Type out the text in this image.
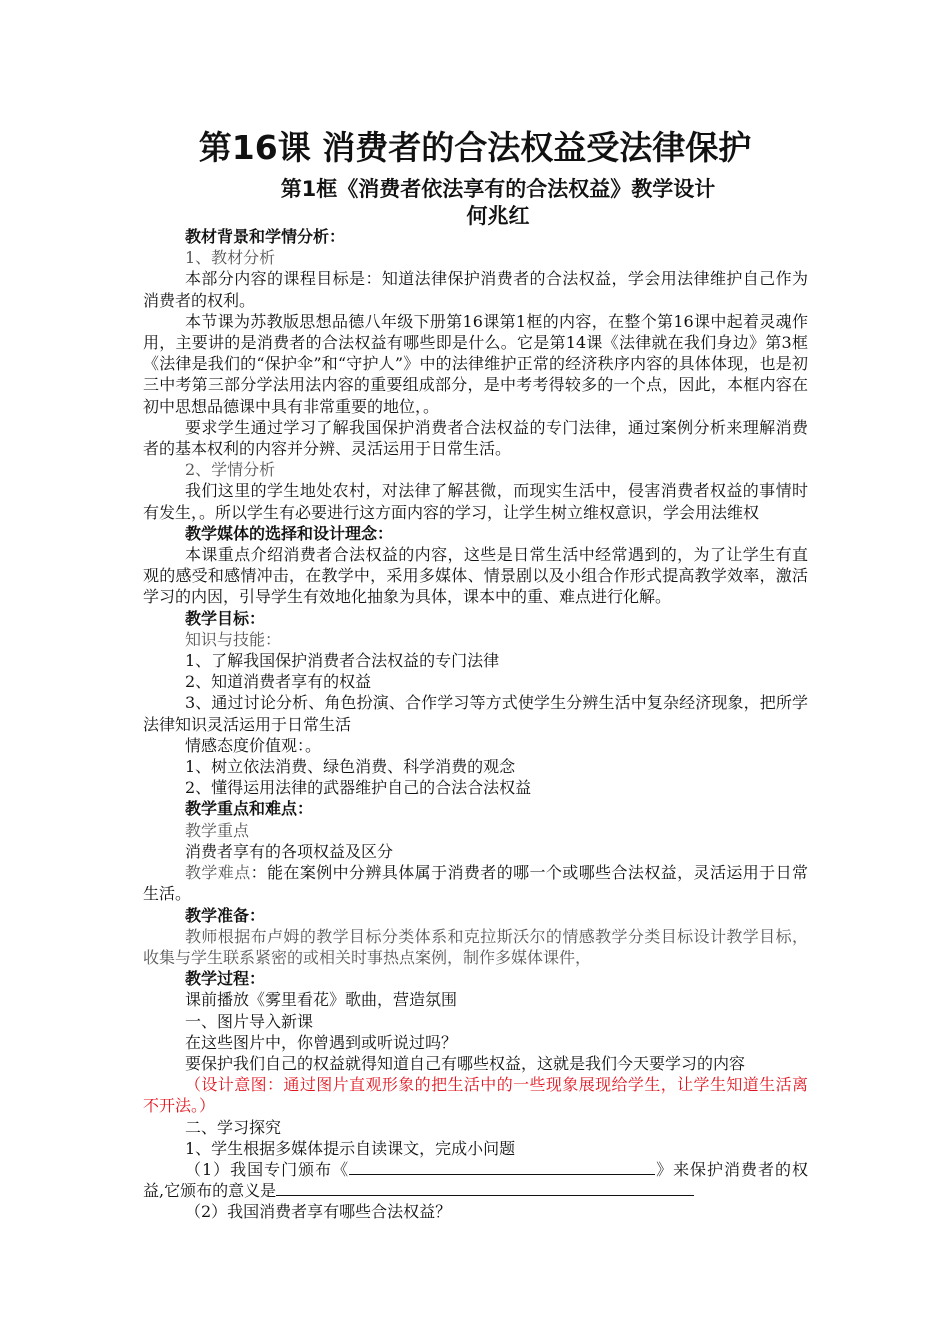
第16课 消费者的合法权益受法律保护
第1框《消费者依法享有的合法权益》教学设计
何兆红

教材背景和学情分析：

1、教材分析

本部分内容的课程目标是：知道法律保护消费者的合法权益，学会用法律维护自己作为消费者的权利。

本节课为苏教版思想品德八年级下册第16课第1框的内容，在整个第16课中起着灵魂作用，主要讲的是消费者的合法权益有哪些即是什么。它是第14课《法律就在我们身边》第3框《法律是我们的“保护伞”和“守护人”》中的法律维护正常的经济秩序内容的具体体现，也是初三中考第三部分学法用法内容的重要组成部分，是中考考得较多的一个点，因此，本框内容在初中思想品德课中具有非常重要的地位，。

要求学生通过学习了解我国保护消费者合法权益的专门法律，通过案例分析来理解消费者的基本权利的内容并分辨、灵活运用于日常生活。

2、学情分析

我们这里的学生地处农村，对法律了解甚微，而现实生活中，侵害消费者权益的事情时有发生，。所以学生有必要进行这方面内容的学习，让学生树立维权意识，学会用法维权

教学媒体的选择和设计理念：

本课重点介绍消费者合法权益的内容，这些是日常生活中经常遇到的，为了让学生有直观的感受和感情冲击，在教学中，采用多媒体、情景剧以及小组合作形式提高教学效率，激活学习的内因，引导学生有效地化抽象为具体，课本中的重、难点进行化解。

教学目标：

知识与技能：

1、了解我国保护消费者合法权益的专门法律

2、知道消费者享有的权益

3、通过讨论分析、角色扮演、合作学习等方式使学生分辨生活中复杂经济现象，把所学法律知识灵活运用于日常生活

情感态度价值观：。

1、树立依法消费、绿色消费、科学消费的观念

2、懂得运用法律的武器维护自己的合法合法权益

教学重点和难点：

教学重点

消费者享有的各项权益及区分

教学难点：能在案例中分辨具体属于消费者的哪一个或哪些合法权益，灵活运用于日常生活。

教学准备：

教师根据布卢姆的教学目标分类体系和克拉斯沃尔的情感教学分类目标设计教学目标，收集与学生联系紧密的或相关时事热点案例，制作多媒体课件，

教学过程：

课前播放《雾里看花》歌曲，营造氛围

一、图片导入新课

在这些图片中，你曾遇到或听说过吗？

要保护我们自己的权益就得知道自己有哪些权益，这就是我们今天要学习的内容

（设计意图：通过图片直观形象的把生活中的一些现象展现给学生，让学生知道生活离不开法。）

二、学习探究

1、学生根据多媒体提示自读课文，完成小问题

（1）我国专门颁布《	》来保护消费者的权益,它颁布的意义是

（2）我国消费者享有哪些合法权益？
